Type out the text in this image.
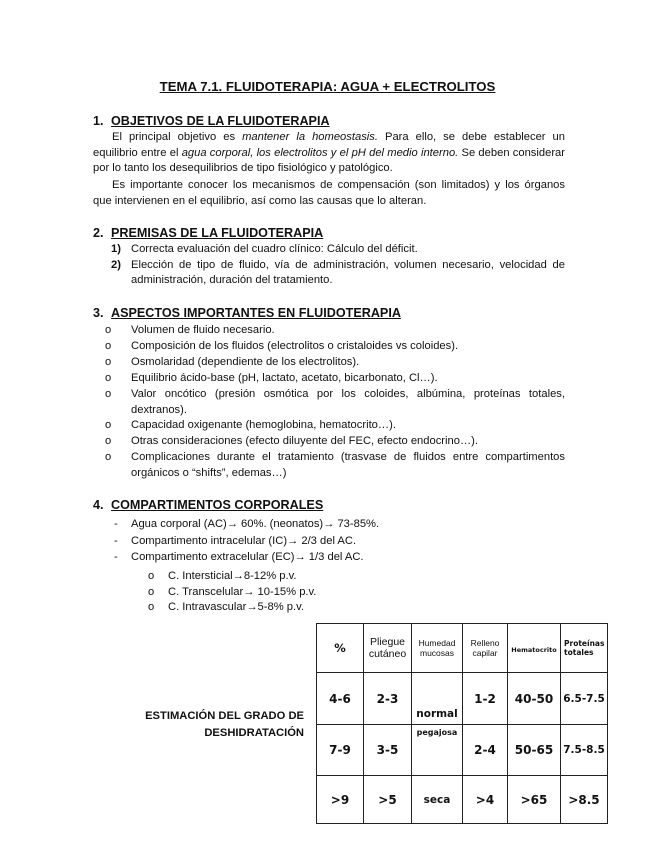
TEMA 7.1. FLUIDOTERAPIA: AGUA + ELECTROLITOS
1. OBJETIVOS DE LA FLUIDOTERAPIA
El principal objetivo es mantener la homeostasis. Para ello, se debe establecer un equilibrio entre el agua corporal, los electrolitos y el pH del medio interno. Se deben considerar por lo tanto los desequilibrios de tipo fisiológico y patológico.
Es importante conocer los mecanismos de compensación (son limitados) y los órganos que intervienen en el equilibrio, así como las causas que lo alteran.
2. PREMISAS DE LA FLUIDOTERAPIA
1) Correcta evaluación del cuadro clínico: Cálculo del déficit.
2) Elección de tipo de fluido, vía de administración, volumen necesario, velocidad de administración, duración del tratamiento.
3. ASPECTOS IMPORTANTES EN FLUIDOTERAPIA
o Volumen de fluido necesario.
o Composición de los fluidos (electrolitos o cristaloides vs coloides).
o Osmolaridad (dependiente de los electrolitos).
o Equilibrio ácido-base (pH, lactato, acetato, bicarbonato, Cl…).
o Valor oncótico (presión osmótica por los coloides, albúmina, proteínas totales, dextranos).
o Capacidad oxigenante (hemoglobina, hematocrito…).
o Otras consideraciones (efecto diluyente del FEC, efecto endocrino…).
o Complicaciones durante el tratamiento (trasvase de fluidos entre compartimentos orgánicos o “shifts”, edemas…)
4. COMPARTIMENTOS CORPORALES
- Agua corporal (AC)→ 60%. (neonatos)→ 73-85%.
- Compartimento intracelular (IC)→ 2/3 del AC.
- Compartimento extracelular (EC)→ 1/3 del AC.
o C. Intersticial→8-12% p.v.
o C. Transcelular→ 10-15% p.v.
o C. Intravascular→5-8% p.v.
ESTIMACIÓN DEL GRADO DE
DESHIDRATACIÓN
%	Pliegue cutáneo	Humedad mucosas	Relleno capilar	Hematocrito	Proteínas totales

4-6	2-3	normal	1-2	40-50	6.5-7.5
7-9	3-5	pegajosa	2-4	50-65	7.5-8.5
>9	>5	seca	>4	>65	>8.5
